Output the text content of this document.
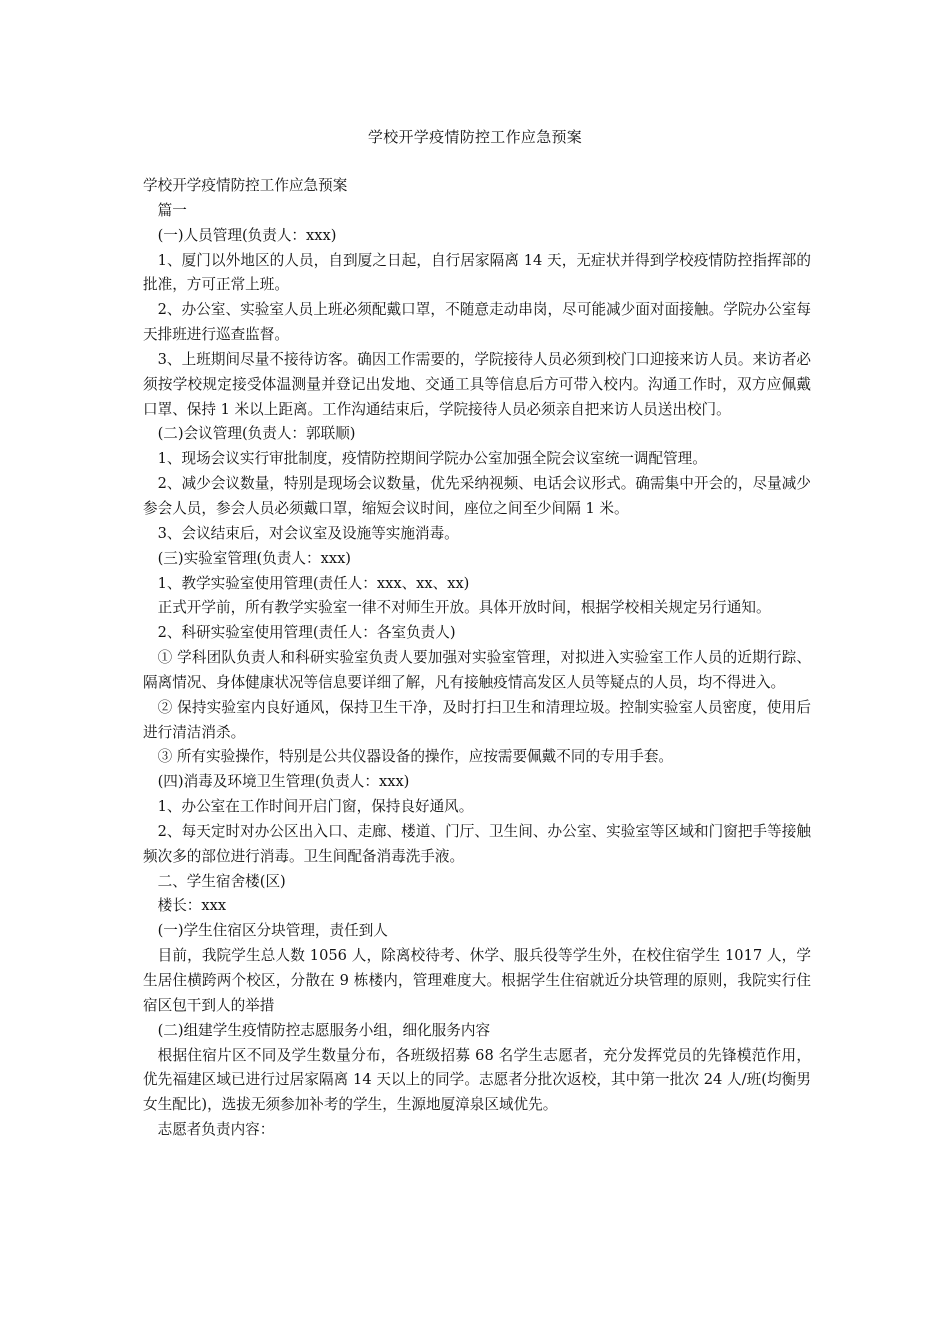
学校开学疫情防控工作应急预案

学校开学疫情防控工作应急预案

篇一

(一)人员管理(负责人：xxx)

1、厦门以外地区的人员，自到厦之日起，自行居家隔离 14 天，无症状并得到学校疫情防控指挥部的批准，方可正常上班。

2、办公室、实验室人员上班必须配戴口罩，不随意走动串岗，尽可能减少面对面接触。学院办公室每天排班进行巡查监督。

3、上班期间尽量不接待访客。确因工作需要的，学院接待人员必须到校门口迎接来访人员。来访者必须按学校规定接受体温测量并登记出发地、交通工具等信息后方可带入校内。沟通工作时，双方应佩戴口罩、保持 1 米以上距离。工作沟通结束后，学院接待人员必须亲自把来访人员送出校门。

(二)会议管理(负责人：郭联顺)

1、现场会议实行审批制度，疫情防控期间学院办公室加强全院会议室统一调配管理。

2、减少会议数量，特别是现场会议数量，优先采纳视频、电话会议形式。确需集中开会的，尽量减少参会人员，参会人员必须戴口罩，缩短会议时间，座位之间至少间隔 1 米。

3、会议结束后，对会议室及设施等实施消毒。

(三)实验室管理(负责人：xxx)

1、教学实验室使用管理(责任人：xxx、xx、xx)

正式开学前，所有教学实验室一律不对师生开放。具体开放时间，根据学校相关规定另行通知。

2、科研实验室使用管理(责任人：各室负责人)

① 学科团队负责人和科研实验室负责人要加强对实验室管理，对拟进入实验室工作人员的近期行踪、隔离情况、身体健康状况等信息要详细了解，凡有接触疫情高发区人员等疑点的人员，均不得进入。

② 保持实验室内良好通风，保持卫生干净，及时打扫卫生和清理垃圾。控制实验室人员密度，使用后进行清洁消杀。

③ 所有实验操作，特别是公共仪器设备的操作，应按需要佩戴不同的专用手套。

(四)消毒及环境卫生管理(负责人：xxx)

1、办公室在工作时间开启门窗，保持良好通风。

2、每天定时对办公区出入口、走廊、楼道、门厅、卫生间、办公室、实验室等区域和门窗把手等接触频次多的部位进行消毒。卫生间配备消毒洗手液。

二、学生宿舍楼(区)

楼长：xxx

(一)学生住宿区分块管理，责任到人

目前，我院学生总人数 1056 人，除离校待考、休学、服兵役等学生外，在校住宿学生 1017 人，学生居住横跨两个校区，分散在 9 栋楼内，管理难度大。根据学生住宿就近分块管理的原则，我院实行住宿区包干到人的举措

(二)组建学生疫情防控志愿服务小组，细化服务内容

根据住宿片区不同及学生数量分布，各班级招募 68 名学生志愿者，充分发挥党员的先锋模范作用，优先福建区域已进行过居家隔离 14 天以上的同学。志愿者分批次返校，其中第一批次 24 人/班(均衡男女生配比)，选拔无须参加补考的学生，生源地厦漳泉区域优先。

志愿者负责内容：
